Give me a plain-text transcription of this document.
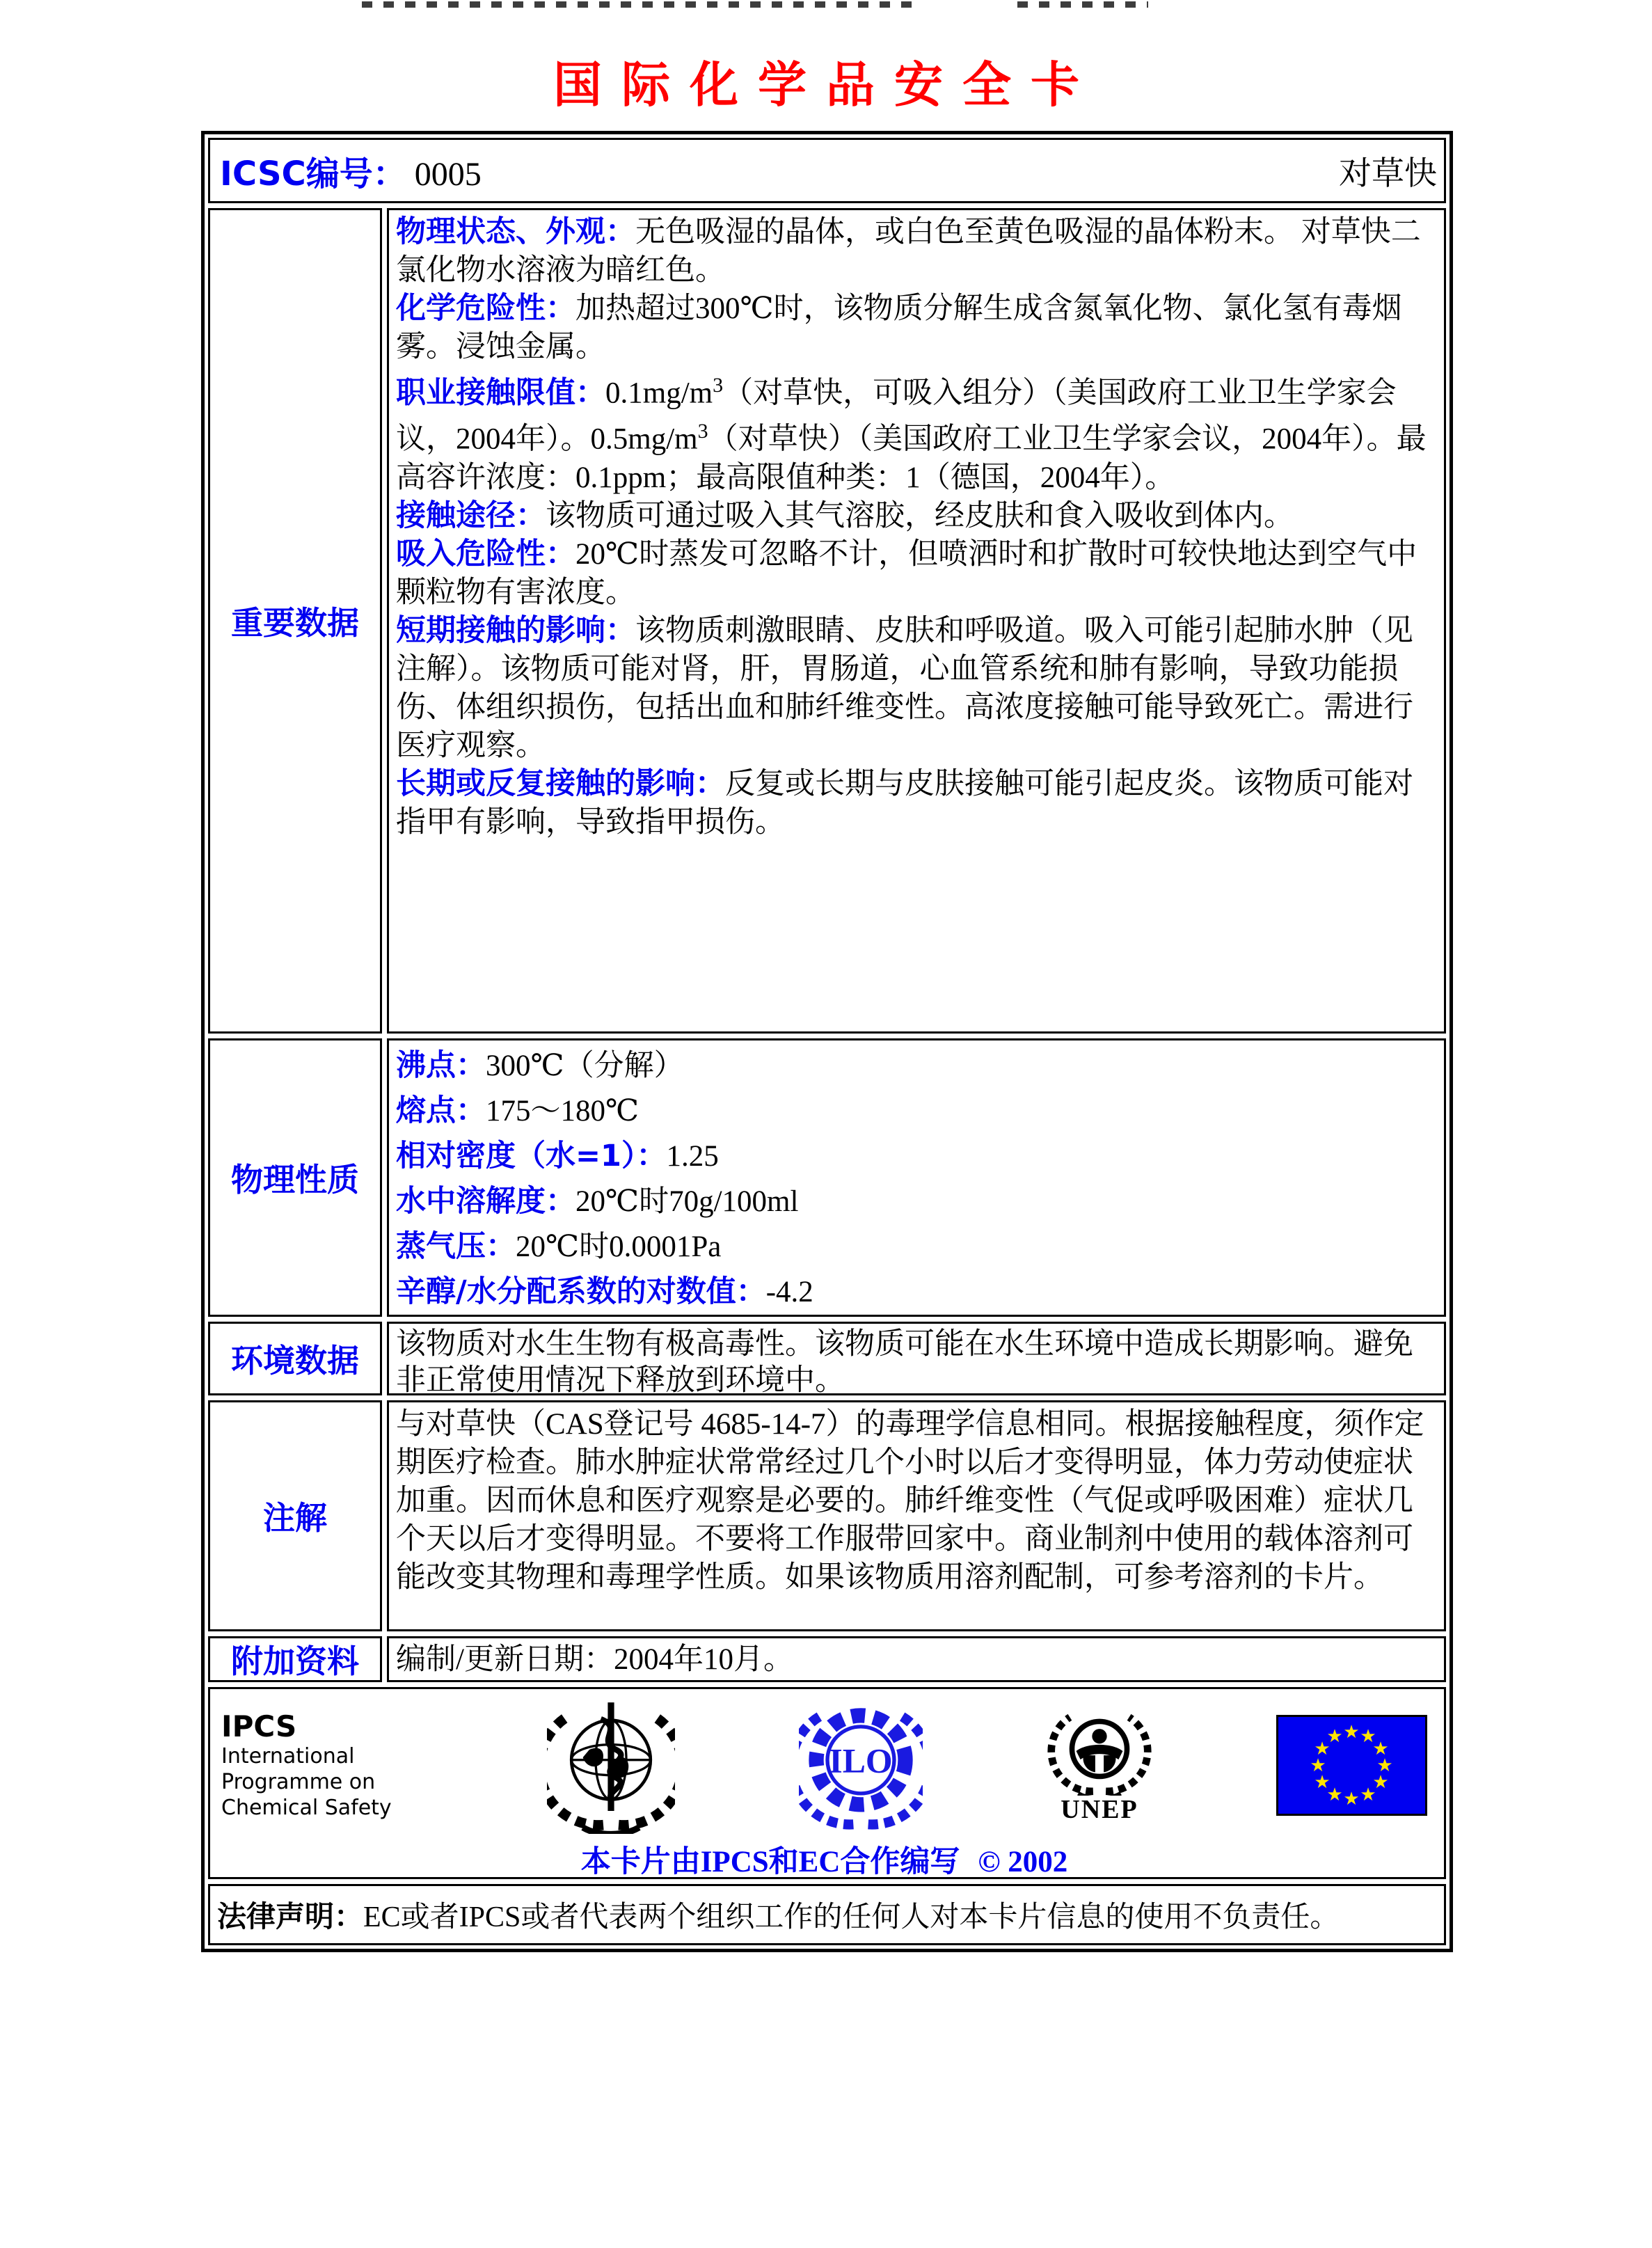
国际化学品安全卡
ICSC编号： 0005	对草快
重要数据

物理状态、外观：无色吸湿的晶体，或白色至黄色吸湿的晶体粉末。 对草快二氯化物水溶液为暗红色。

化学危险性：加热超过300℃时，该物质分解生成含氮氧化物、氯化氢有毒烟雾。浸蚀金属。

职业接触限值：$0.1mg/m^3$（对草快，可吸入组分）（美国政府工业卫生学家会议，2004年）。$0.5mg/m^3$（对草快）（美国政府工业卫生学家会议，2004年）。最高容许浓度：0.1ppm；最高限值种类：1（德国，2004年）。

接触途径：该物质可通过吸入其气溶胶，经皮肤和食入吸收到体内。

吸入危险性：20℃时蒸发可忽略不计，但喷洒时和扩散时可较快地达到空气中颗粒物有害浓度。

短期接触的影响：该物质刺激眼睛、皮肤和呼吸道。吸入可能引起肺水肿（见注解）。该物质可能对肾，肝，胃肠道，心血管系统和肺有影响，导致功能损伤、体组织损伤，包括出血和肺纤维变性。高浓度接触可能导致死亡。需进行医疗观察。

长期或反复接触的影响：反复或长期与皮肤接触可能引起皮炎。该物质可能对指甲有影响，导致指甲损伤。

物理性质

沸点：300℃（分解）

熔点：175～180℃

相对密度（水=1）：1.25

水中溶解度：20℃时70g/100ml

蒸气压：20℃时0.0001Pa

辛醇/水分配系数的对数值：-4.2

环境数据 该物质对水生生物有极高毒性。该物质可能在水生环境中造成长期影响。避免非正常使用情况下释放到环境中。

注解

与对草快（CAS登记号 4685-14-7）的毒理学信息相同。根据接触程度，须作定期医疗检查。肺水肿症状常常经过几个小时以后才变得明显，体力劳动使症状加重。因而休息和医疗观察是必要的。肺纤维变性（气促或呼吸困难）症状几个天以后才变得明显。不要将工作服带回家中。商业制剂中使用的载体溶剂可能改变其物理和毒理学性质。如果该物质用溶剂配制，可参考溶剂的卡片。

附加资料 编制/更新日期：2004年10月。

IPCS
International
Programme on
Chemical Safety
ILO
UNEP
★ ★
★
★
★
★
★
★
★
★
★
★
本卡片由IPCS和EC合作编写 © 2002
法律声明： EC或者IPCS或者代表两个组织工作的任何人对本卡片信息的使用不负责任。
